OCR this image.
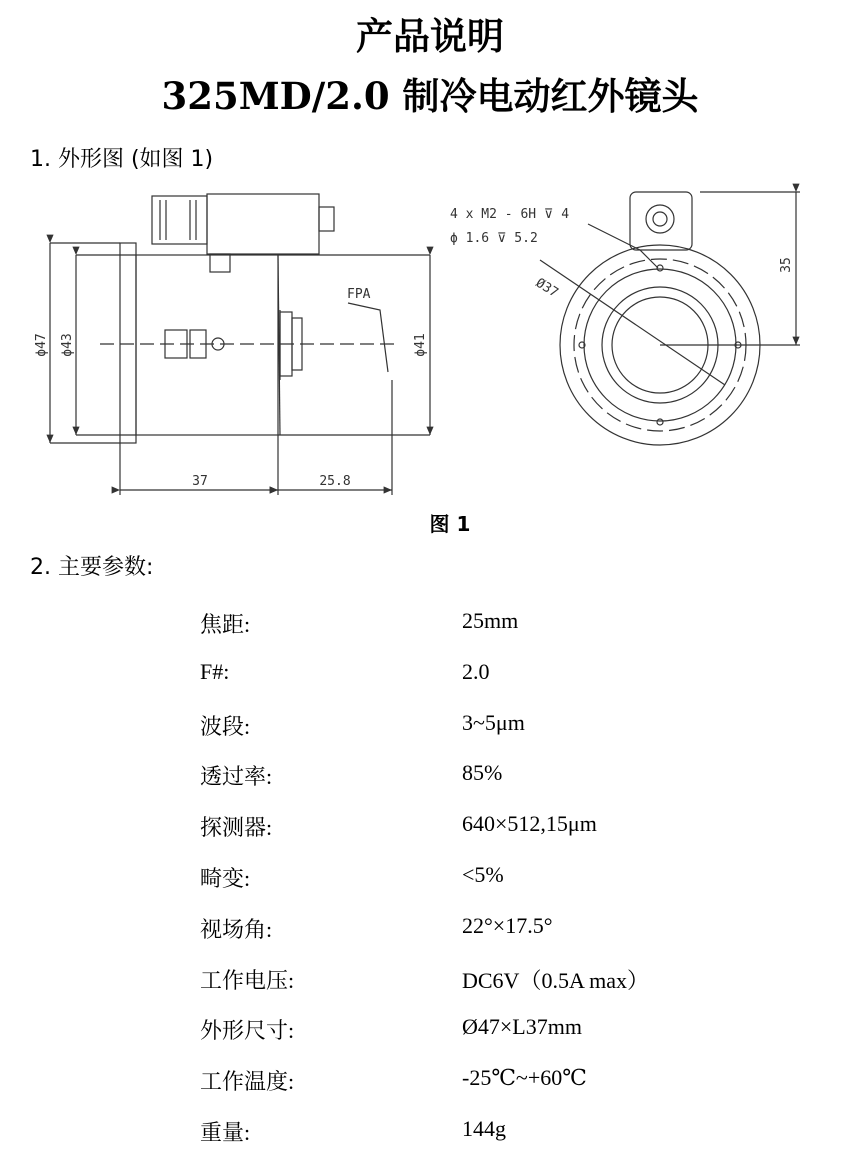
产品说明
325MD/2.0 制冷电动红外镜头
1. 外形图 (如图 1)
FPA
37	25.8
ϕ47 ϕ43	ϕ41
4 x M2 - 6H ⊽ 4
ϕ 1.6 ⊽ 5.2
Ø37
35
图 1
2. 主要参数:
焦距:	25mm
F#:	2.0
波段:	3~5μm
透过率:	85%
探测器:	640×512,15μm
畸变:	<5%
视场角:	22°×17.5°
工作电压:	DC6V（0.5A max）
外形尺寸:	Ø47×L37mm
工作温度:	-25℃~+60℃
重量:	144g
